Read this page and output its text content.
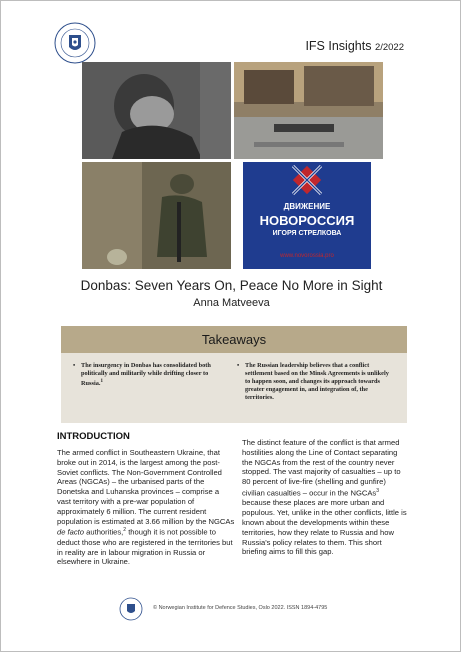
IFS Insights 2/2022
ДВИЖЕНИЕ
НОВОРОССИЯ
ИГОРЯ СТРЕЛКОВА
www.novorossia.pro
Donbas: Seven Years On, Peace No More in Sight
Anna Matveeva
Takeaways
• The insurgency in Donbas has consolidated both politically and militarily while drifting closer to Russia.$^1$
• The Russian leadership believes that a conflict settlement based on the Minsk Agreements is unlikely to happen soon, and changes its approach towards greater engagement in, and integration of, the territories.
INTRODUCTION
The armed conflict in Southeastern Ukraine, that broke out in 2014, is the largest among the post-Soviet conflicts. The Non-Government Controlled Areas (NGCAs) – the urbanised parts of the Donetska and Luhanska provinces – comprise a vast territory with a pre-war population of approximately 6 million. The current resident population is estimated at 3.66 million by the NGCAs de facto authorities,$^2$ though it is not possible to deduct those who are registered in the territories but in reality are in labour migration in Russia or elsewhere in Ukraine.
The distinct feature of the conflict is that armed hostilities along the Line of Contact separating the NGCAs from the rest of the country never stopped. The vast majority of casualties – up to 80 percent of live-fire (shelling and gunfire) civilian casualties – occur in the NGCAs$^3$ because these places are more urban and populous. Yet, unlike in the other conflicts, little is known about the developments within these territories, how they relate to Russia and how Russia's policy relates to them. This short briefing aims to fill this gap.
© Norwegian Institute for Defence Studies, Oslo 2022. ISSN 1894-4795
